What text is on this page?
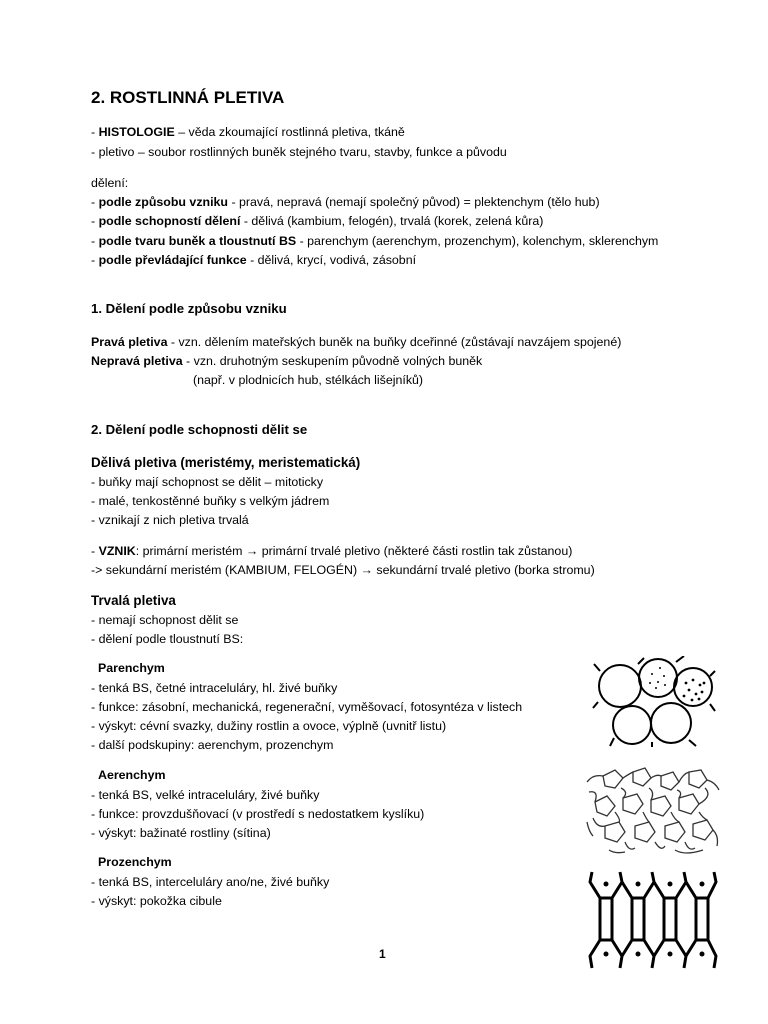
2. ROSTLINNÁ PLETIVA
- HISTOLOGIE – věda zkoumající rostlinná pletiva, tkáně
- pletivo – soubor rostlinných buněk stejného tvaru, stavby, funkce a původu
dělení:
- podle způsobu vzniku - pravá, nepravá (nemají společný původ) = plektenchym (tělo hub)
- podle schopností dělení - dělivá (kambium, felogén), trvalá (korek, zelená kůra)
- podle tvaru buněk a tloustnutí BS - parenchym (aerenchym, prozenchym), kolenchym, sklerenchym
- podle převládající funkce - dělivá, krycí, vodivá, zásobní
1. Dělení podle způsobu vzniku
Pravá pletiva - vzn. dělením mateřských buněk na buňky dceřinné (zůstávají navzájem spojené)
Nepravá pletiva - vzn. druhotným seskupením původně volných buněk
(např. v plodnicích hub, stélkách lišejníků)
2. Dělení podle schopnosti dělit se
Dělivá pletiva (meristémy, meristematická)
- buňky mají schopnost se dělit – mitoticky
- malé, tenkostěnné buňky s velkým jádrem
- vznikají z nich pletiva trvalá
- VZNIK: primární meristém → primární trvalé pletivo (některé části rostlin tak zůstanou)
-> sekundární meristém (KAMBIUM, FELOGÉN) → sekundární trvalé pletivo (borka stromu)
Trvalá pletiva
- nemají schopnost dělit se
- dělení podle tloustnutí BS:
Parenchym
- tenká BS, četné intraceluláry, hl. živé buňky
- funkce: zásobní, mechanická, regenerační, vyměšovací, fotosyntéza v listech
- výskyt: cévní svazky, dužiny rostlin a ovoce, výplně (uvnitř listu)
- další podskupiny: aerenchym, prozenchym
Aerenchym
- tenká BS, velké intraceluláry, živé buňky
- funkce: provzdušňovací (v prostředí s nedostatkem kyslíku)
- výskyt: bažinaté rostliny (sítina)
Prozenchym
- tenká BS, interceluláry ano/ne, živé buňky
- výskyt: pokožka cibule
1
